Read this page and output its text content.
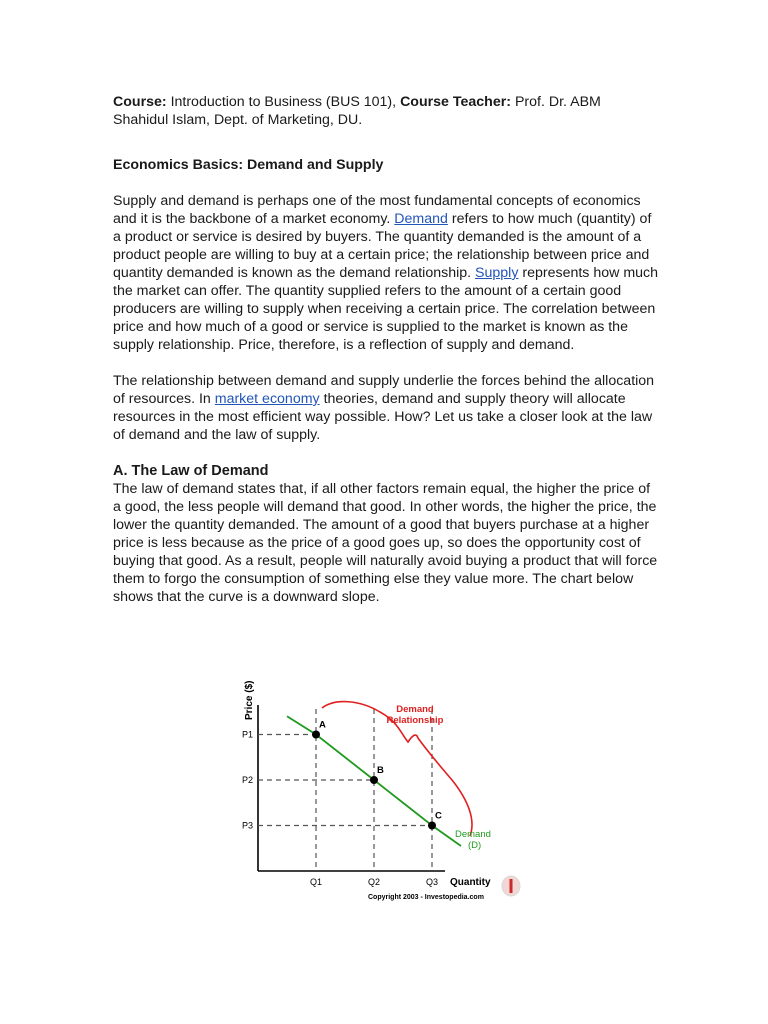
Course: Introduction to Business (BUS 101), Course Teacher: Prof. Dr. ABM Shahidul Islam, Dept. of Marketing, DU.

Economics Basics: Demand and Supply

Supply and demand is perhaps one of the most fundamental concepts of economics and it is the backbone of a market economy. Demand refers to how much (quantity) of a product or service is desired by buyers. The quantity demanded is the amount of a product people are willing to buy at a certain price; the relationship between price and quantity demanded is known as the demand relationship. Supply represents how much the market can offer. The quantity supplied refers to the amount of a certain good producers are willing to supply when receiving a certain price. The correlation between price and how much of a good or service is supplied to the market is known as the supply relationship. Price, therefore, is a reflection of supply and demand.

The relationship between demand and supply underlie the forces behind the allocation of resources. In market economy theories, demand and supply theory will allocate resources in the most efficient way possible. How? Let us take a closer look at the law of demand and the law of supply.

A. The Law of Demand

The law of demand states that, if all other factors remain equal, the higher the price of a good, the less people will demand that good. In other words, the higher the price, the lower the quantity demanded. The amount of a good that buyers purchase at a higher price is less because as the price of a good goes up, so does the opportunity cost of buying that good. As a result, people will naturally avoid buying a product that will force them to forgo the consumption of something else they value more. The chart below shows that the curve is a downward slope.

Price ($)
Quantity
A
B
C
Q1
P1
Q2
P2
Q3
P3
Demand
Relationship
Demand
(D)
Copyright 2003 - Investopedia.com
